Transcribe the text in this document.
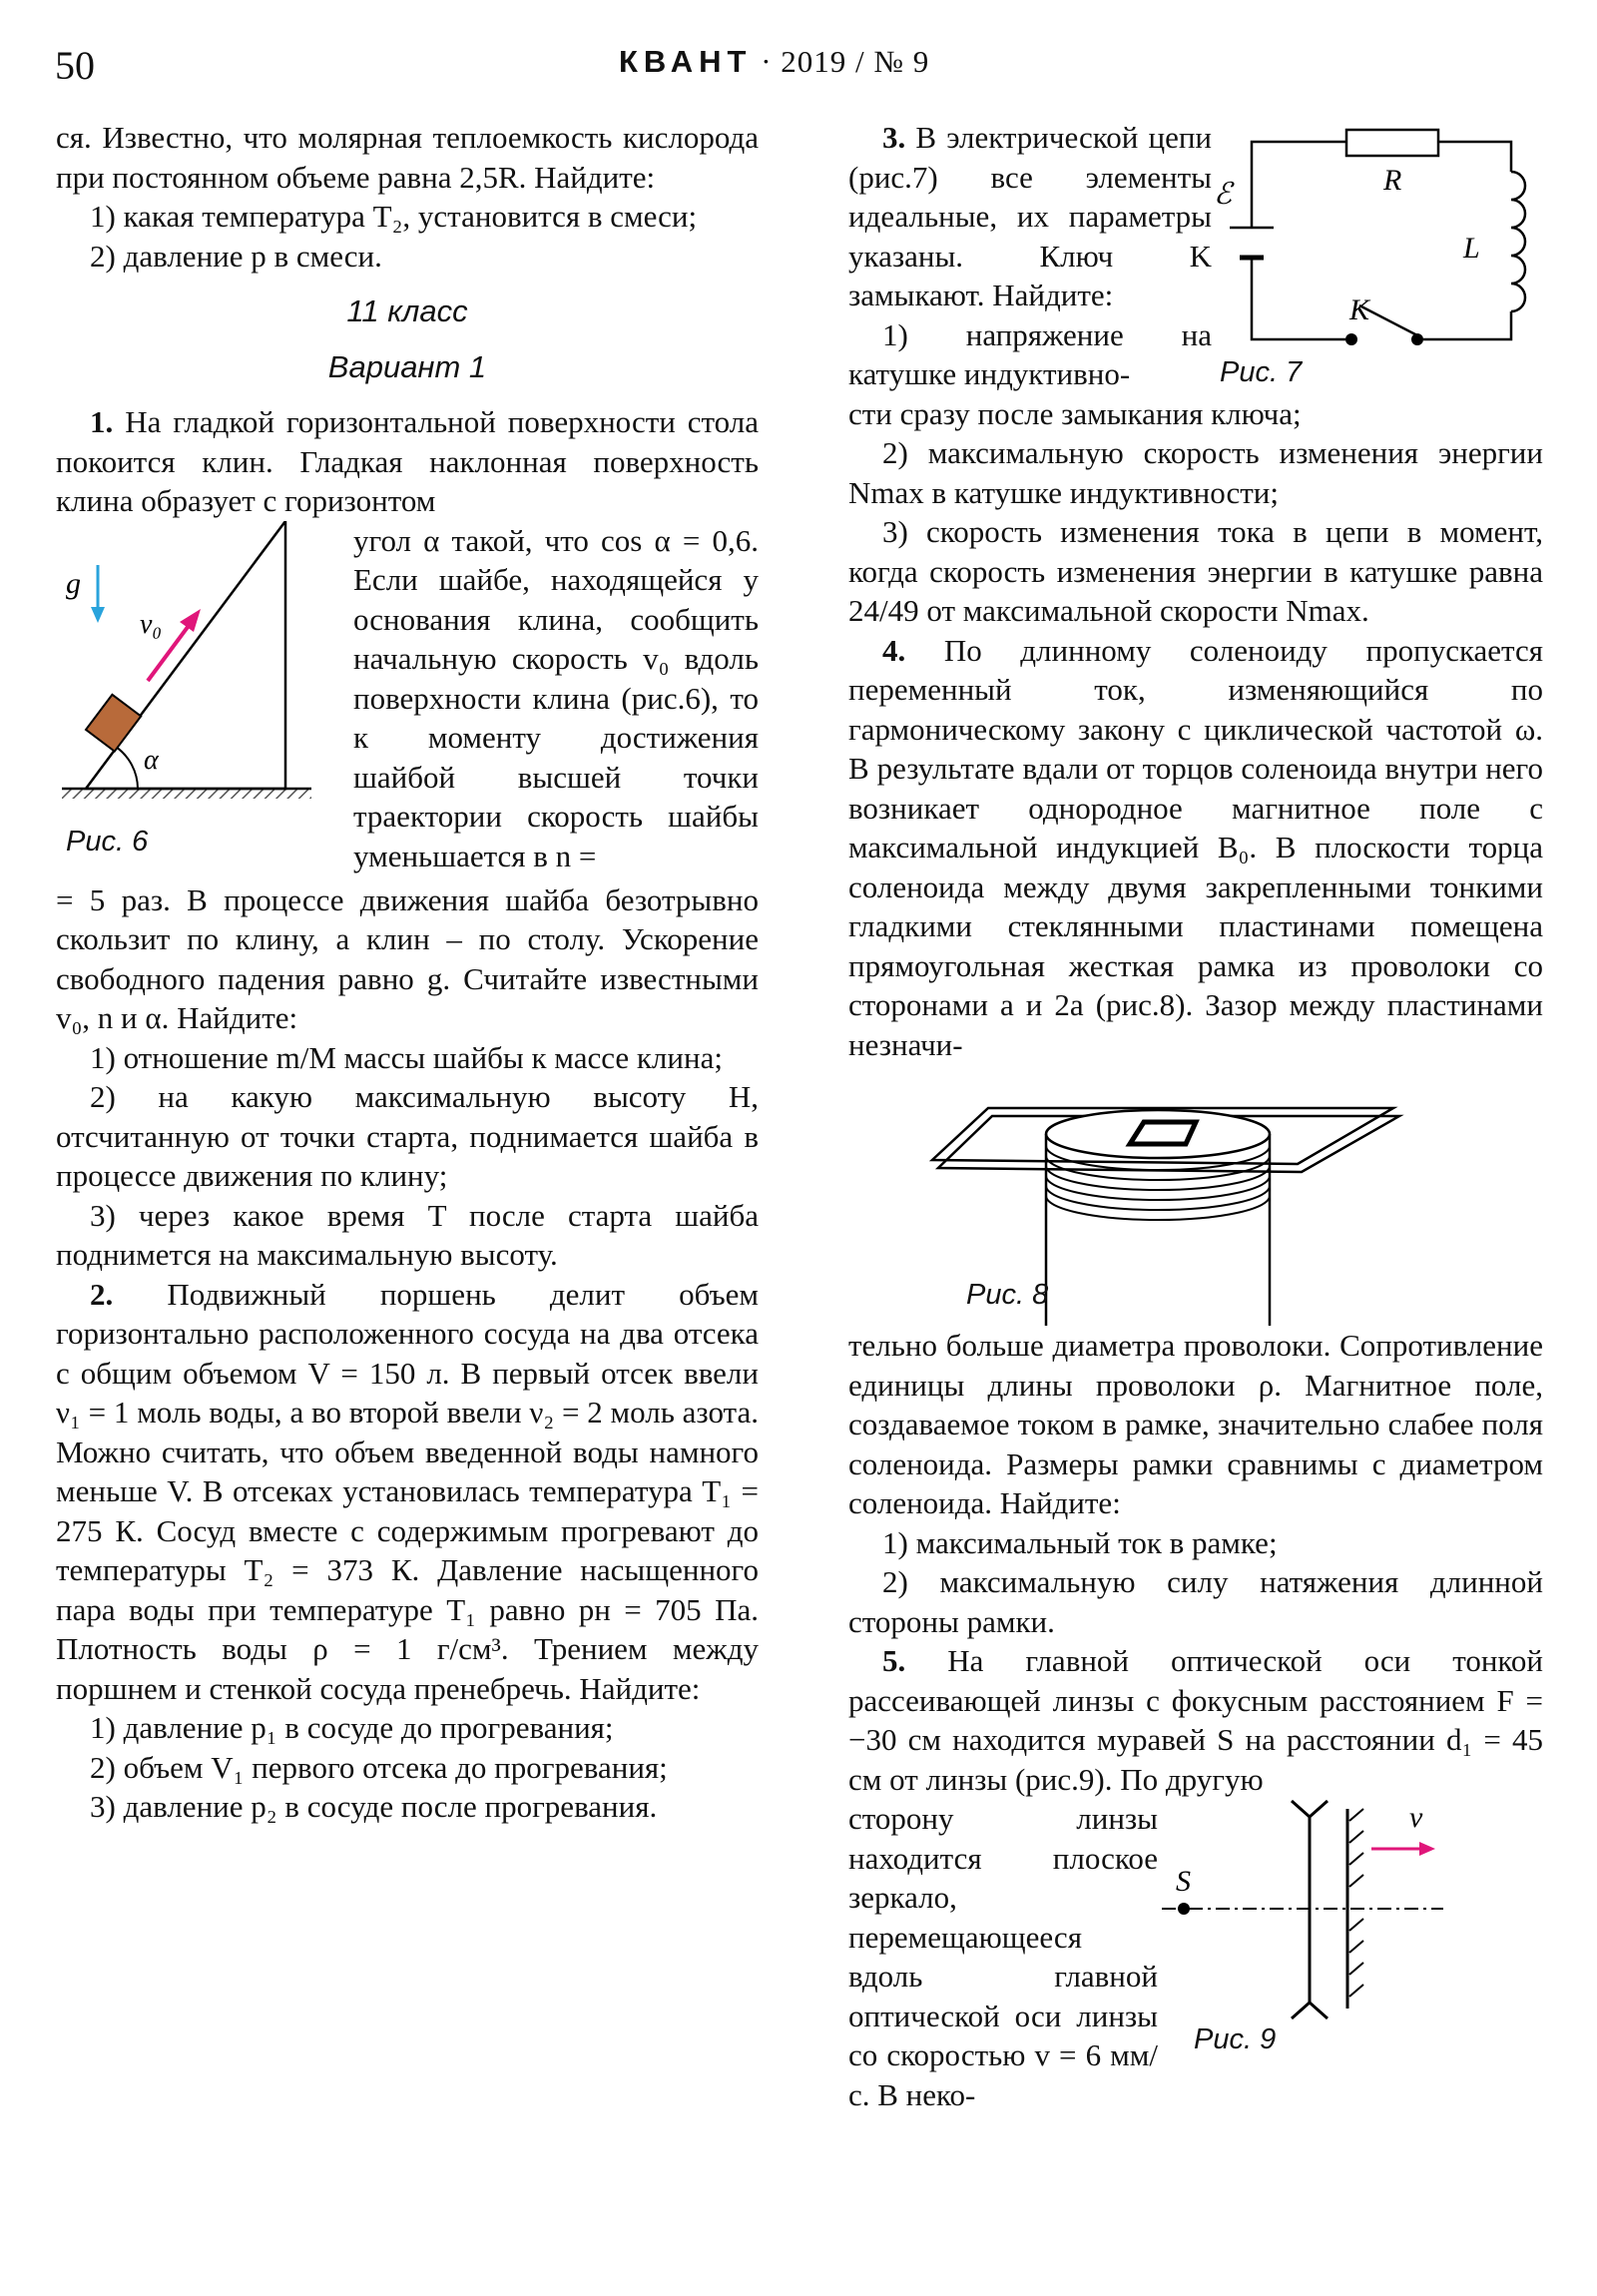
50	КВАНТ · 2019 / № 9

ся. Известно, что молярная теплоемкость кислорода при постоянном объеме равна 2,5R. Найдите:

1) какая температура T₂, установится в смеси;

2) давление p в смеси.

11 класс
Вариант 1

1. На гладкой горизонтальной поверхности стола покоится клин. Гладкая наклонная поверхность клина образует с горизонтом

α
v₀
g
Рис. 6

угол α такой, что cos α = 0,6. Если шайбе, находящейся у основания клина, сообщить начальную скорость v₀ вдоль поверхности клина (рис.6), то к моменту достижения шайбой высшей точки траектории скорость шайбы уменьшается в n =

= 5 раз. В процессе движения шайба безотрывно скользит по клину, а клин – по столу. Ускорение свободного падения равно g. Считайте известными v₀, n и α. Найдите:

1) отношение m/M массы шайбы к массе клина;

2) на какую максимальную высоту H, отсчитанную от точки старта, поднимается шайба в процессе движения по клину;

3) через какое время T после старта шайба поднимется на максимальную высоту.

2. Подвижный поршень делит объем горизонтально расположенного сосуда на два отсека с общим объемом V = 150 л. В первый отсек ввели ν₁ = 1 моль воды, а во второй ввели ν₂ = 2 моль азота. Можно считать, что объем введенной воды намного меньше V. В отсеках установилась температура T₁ = 275 К. Сосуд вместе с содержимым прогревают до температуры T₂ = 373 К. Давление насыщенного пара воды при температуре T₁ равно pн = 705 Па. Плотность воды ρ = 1 г/см³. Трением между поршнем и стенкой сосуда пренебречь. Найдите:

1) давление p₁ в сосуде до прогревания;

2) объем V₁ первого отсека до прогревания;

3) давление p₂ в сосуде после прогревания.

ℰ	R
L
K
Рис. 7

3. В электрической цепи (рис.7) все элементы идеальные, их параметры указаны. Ключ K замыкают. Найдите:

1) напряжение на катушке индуктивно-

сти сразу после замыкания ключа;

2) максимальную скорость изменения энергии Nmax в катушке индуктивности;

3) скорость изменения тока в цепи в момент, когда скорость изменения энергии в катушке равна 24/49 от максимальной скорости Nmax.

4. По длинному соленоиду пропускается переменный ток, изменяющийся по гармоническому закону с циклической частотой ω. В результате вдали от торцов соленоида внутри него возникает однородное магнитное поле с максимальной индукцией B₀. В плоскости торца соленоида между двумя закрепленными тонкими гладкими стеклянными пластинами помещена прямоугольная жесткая рамка из проволоки со сторонами a и 2a (рис.8). Зазор между пластинами незначи-

Рис. 8

тельно больше диаметра проволоки. Сопротивление единицы длины проволоки ρ. Магнитное поле, создаваемое током в рамке, значительно слабее поля соленоида. Размеры рамки сравнимы с диаметром соленоида. Найдите:

1) максимальный ток в рамке;

2) максимальную силу натяжения длинной стороны рамки.

5. На главной оптической оси тонкой рассеивающей линзы с фокусным расстоянием F = −30 см находится муравей S на расстоянии d₁ = 45 см от линзы (рис.9). По другую

S
v
Рис. 9

сторону линзы находится плоское зеркало, перемещающееся вдоль главной оптической оси линзы со скоростью v = 6 мм/с. В неко-
